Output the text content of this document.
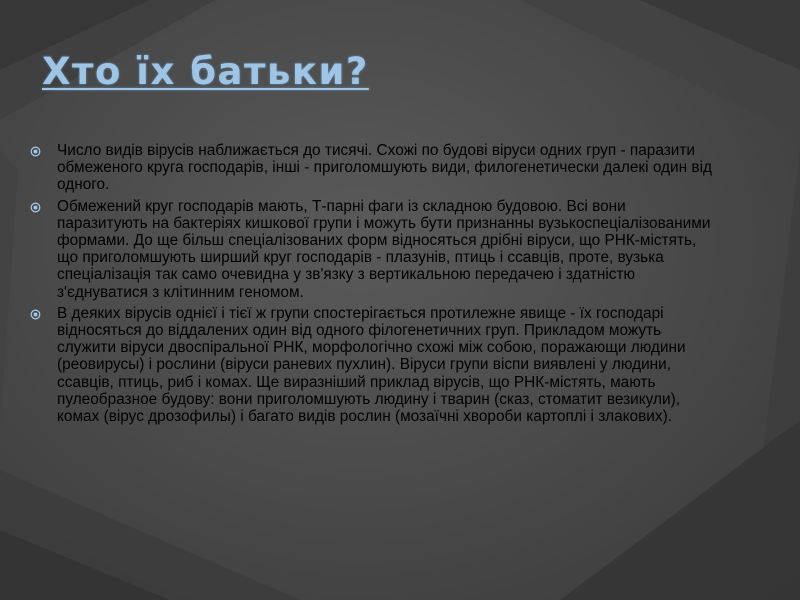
Хто їх батьки?
Число видів вірусів наближається до тисячі. Схожі по будові віруси одних груп - паразити обмеженого круга господарів, інші - приголомшують види, филогенетически далекі один від одного.
Обмежений круг господарів мають, Т-парні фаги із складною будовою. Всі вони паразитують на бактеріях кишкової групи і можуть бути признанны вузькоспеціалізованими формами. До ще більш спеціалізованих форм відносяться дрібні віруси, що РНК-містять, що приголомшують ширший круг господарів - плазунів, птиць і ссавців, проте, вузька спеціалізація так само очевидна у зв'язку з вертикальною передачею і здатністю з'єднуватися з клітинним геномом.
В деяких вірусів однієї і тієї ж групи спостерігається протилежне явище - їх господарі відносяться до віддалених один від одного філогенетичних груп. Прикладом можуть служити віруси двоспіральної РНК, морфологічно схожі між собою, поражающи людини (реовирусы) і рослини (віруси раневих пухлин). Віруси групи віспи виявлені у людини, ссавців, птиць, риб і комах. Ще виразніший приклад вірусів, що РНК-містять, мають пулеобразное будову: вони приголомшують людину і тварин (сказ, стоматит везикули), комах (вірус дрозофилы) і багато видів рослин (мозаїчні хвороби картоплі і злакових).
